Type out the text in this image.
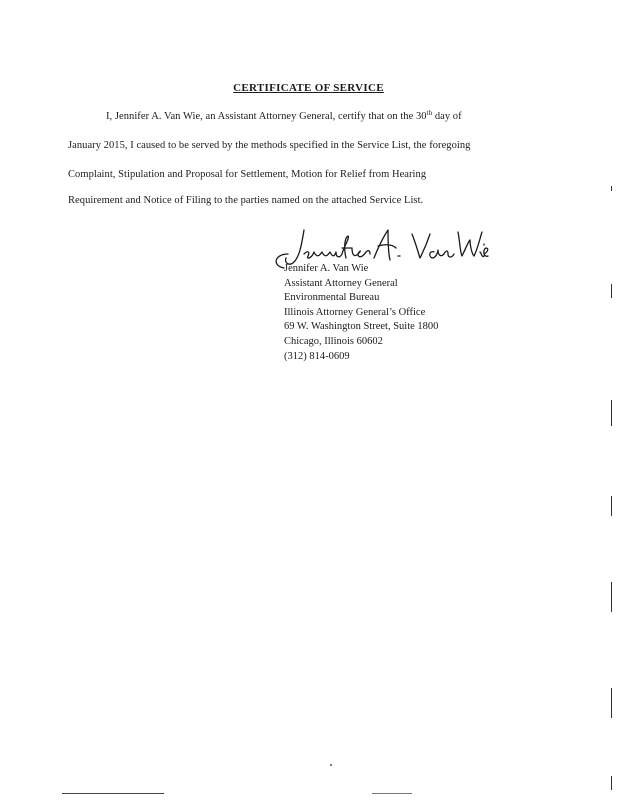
CERTIFICATE OF SERVICE
I, Jennifer A. Van Wie, an Assistant Attorney General, certify that on the 30th day of
January 2015, I caused to be served by the methods specified in the Service List, the foregoing
Complaint, Stipulation and Proposal for Settlement, Motion for Relief from Hearing
Requirement and Notice of Filing to the parties named on the attached Service List.
Jennifer A. Van Wie
Assistant Attorney General
Environmental Bureau
Illinois Attorney General’s Office
69 W. Washington Street, Suite 1800
Chicago, Illinois 60602
(312) 814-0609
